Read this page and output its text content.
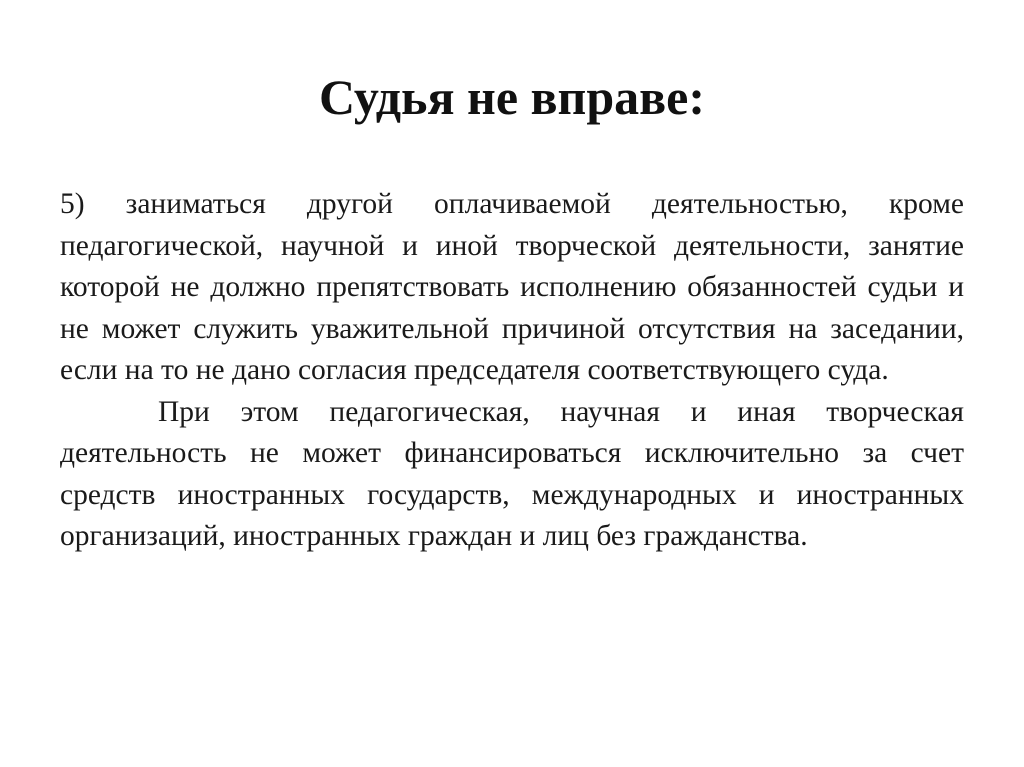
Судья не вправе:

5) заниматься другой оплачиваемой деятельностью, кроме педагогической, научной и иной творческой деятельности, занятие которой не должно препятствовать исполнению обязанностей судьи и не может служить уважительной причиной отсутствия на заседании, если на то не дано согласия председателя соответствующего суда.

При этом педагогическая, научная и иная творческая деятельность не может финансироваться исключительно за счет средств иностранных государств, международных и иностранных организаций, иностранных граждан и лиц без гражданства.
